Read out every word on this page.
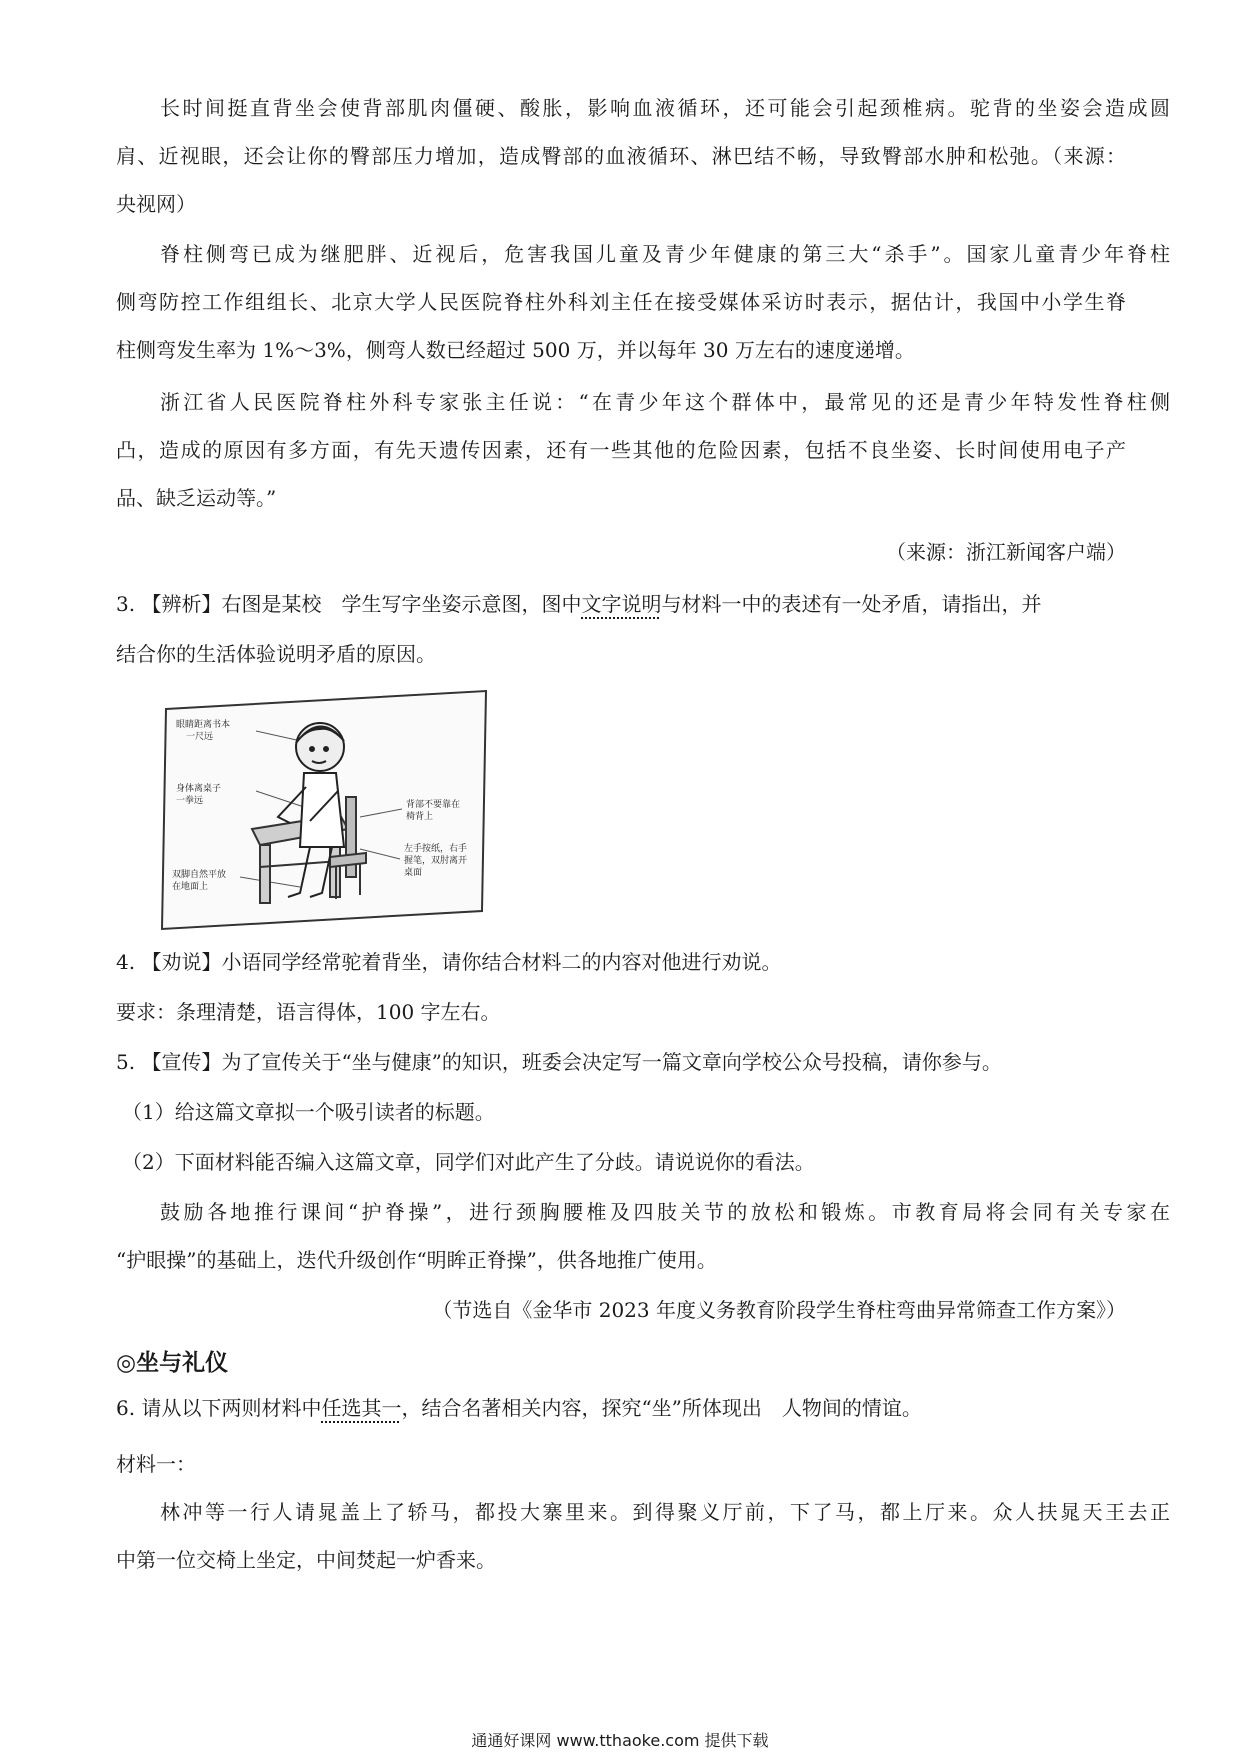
长时间挺直背坐会使背部肌肉僵硬、酸胀，影响血液循环，还可能会引起颈椎病。驼背的坐姿会造成圆
肩、近视眼，还会让你的臀部压力增加，造成臀部的血液循环、淋巴结不畅，导致臀部水肿和松弛。（来源：
央视网）
脊柱侧弯已成为继肥胖、近视后，危害我国儿童及青少年健康的第三大“杀手”。国家儿童青少年脊柱
侧弯防控工作组组长、北京大学人民医院脊柱外科刘主任在接受媒体采访时表示，据估计，我国中小学生脊
柱侧弯发生率为 1%～3%，侧弯人数已经超过 500 万，并以每年 30 万左右的速度递增。
浙江省人民医院脊柱外科专家张主任说：“在青少年这个群体中，最常见的还是青少年特发性脊柱侧
凸，造成的原因有多方面，有先天遗传因素，还有一些其他的危险因素，包括不良坐姿、长时间使用电子产
品、缺乏运动等。”
（来源：浙江新闻客户端）
3. 【辨析】右图是某校　学生写字坐姿示意图，图中文字说明与材料一中的表述有一处矛盾，请指出，并
结合你的生活体验说明矛盾的原因。
眼睛距离书本
一尺远
身体离桌子
一拳远	背部不要靠在
椅背上
双脚自然平放
在地面上
左手按纸，右手
握笔，双肘离开
桌面
4. 【劝说】小语同学经常驼着背坐，请你结合材料二的内容对他进行劝说。
要求：条理清楚，语言得体，100 字左右。
5. 【宣传】为了宣传关于“坐与健康”的知识，班委会决定写一篇文章向学校公众号投稿，请你参与。
（1）给这篇文章拟一个吸引读者的标题。
（2）下面材料能否编入这篇文章，同学们对此产生了分歧。请说说你的看法。
鼓励各地推行课间“护脊操”，进行颈胸腰椎及四肢关节的放松和锻炼。市教育局将会同有关专家在
“护眼操”的基础上，迭代升级创作“明眸正脊操”，供各地推广使用。
（节选自《金华市 2023 年度义务教育阶段学生脊柱弯曲异常筛查工作方案》）
◎坐与礼仪
6. 请从以下两则材料中任选其一，结合名著相关内容，探究“坐”所体现出　人物间的情谊。
材料一：
林冲等一行人请晁盖上了轿马，都投大寨里来。到得聚义厅前，下了马，都上厅来。众人扶晁天王去正
中第一位交椅上坐定，中间焚起一炉香来。
通通好课网 www.tthaoke.com 提供下载
